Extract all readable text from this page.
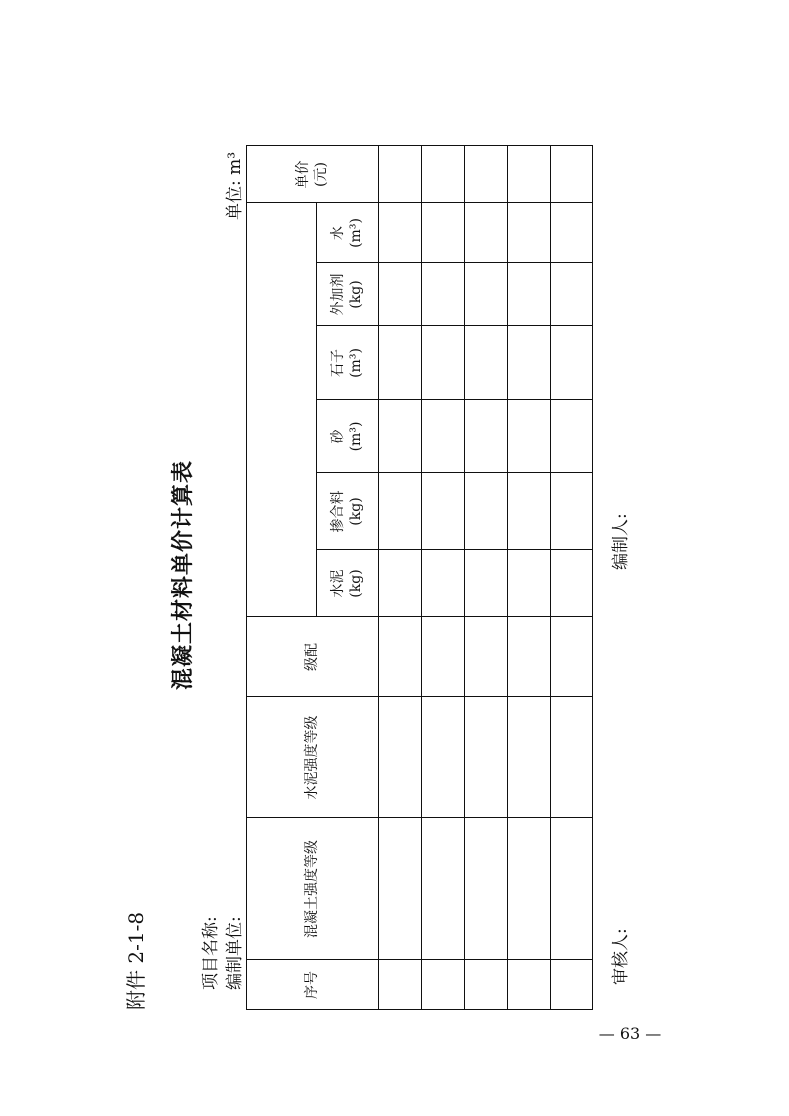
附件 2-1-8	项目名称: 编制单位:
混凝土材料单价计算表
单位: m³
序号
混凝土强度等级
水泥强度等级
级配
水泥 (kg)
掺合料 (kg)
砂 (m³)
石子 (m³)
外加剂 (kg)
水 (m³)
单价 (元)
审核人:
编制人:
— 63 —
